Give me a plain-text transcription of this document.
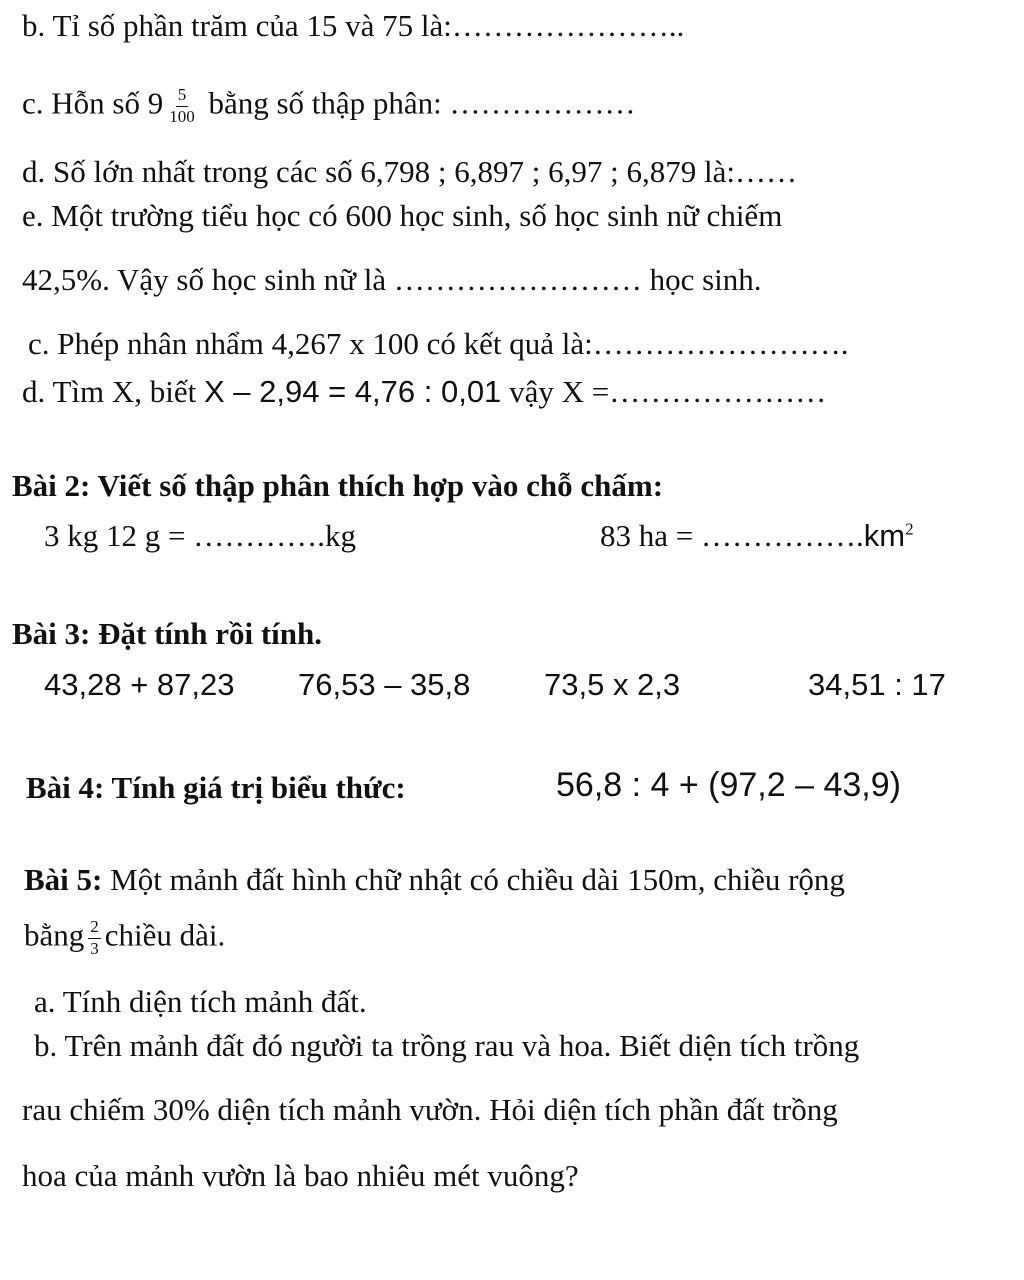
b. Tỉ số phần trăm của 15 và 75 là:…………………..
c. Hỗn số $9 \frac{5}{100}$ bằng số thập phân: ………………
d. Số lớn nhất trong các số 6,798 ; 6,897 ; 6,97 ; 6,879 là:……
e. Một trường tiểu học có 600 học sinh, số học sinh nữ chiếm
42,5%. Vậy số học sinh nữ là …………………… học sinh.
c. Phép nhân nhẩm 4,267 x 100 có kết quả là:…………………….
d. Tìm X, biết X – 2,94 = 4,76 : 0,01 vậy X =…………………
Bài 2: Viết số thập phân thích hợp vào chỗ chấm:
3 kg 12 g = ………….kg	83 ha = $\dots\dots\dots\dots\dots.km^2$
Bài 3: Đặt tính rồi tính.
43,28 + 87,23 76,53 – 35,8 73,5 x 2,3	34,51 : 17
Bài 4: Tính giá trị biểu thức:	56,8 : 4 + (97,2 – 43,9)
Bài 5: Một mảnh đất hình chữ nhật có chiều dài 150m, chiều rộng
bằng $\frac{2}{3}$ chiều dài.
a. Tính diện tích mảnh đất.
b. Trên mảnh đất đó người ta trồng rau và hoa. Biết diện tích trồng
rau chiếm 30% diện tích mảnh vườn. Hỏi diện tích phần đất trồng
hoa của mảnh vườn là bao nhiêu mét vuông?
